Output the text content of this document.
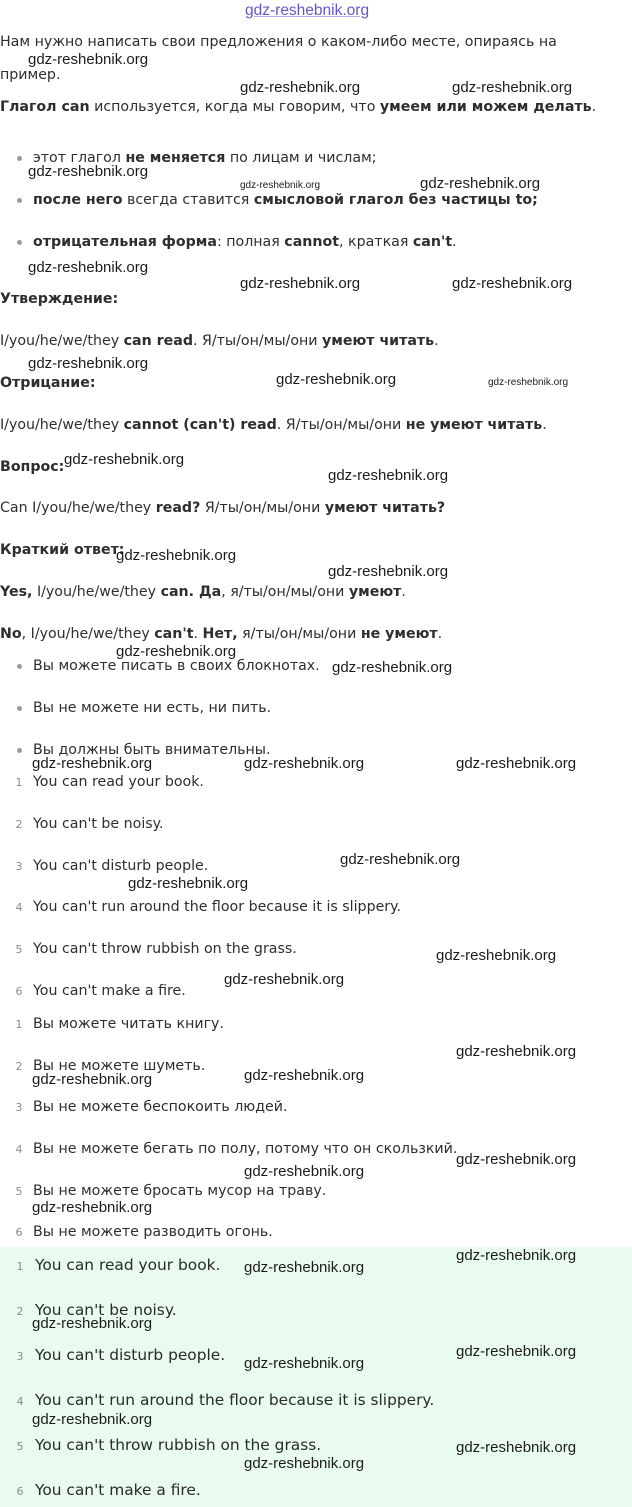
gdz-reshebnik.org
Нам нужно написать свои предложения о каком-либо месте, опираясь на
пример.
Глагол can используется, когда мы говорим, что умеем или можем делать.
этот глагол не меняется по лицам и числам;
после него всегда ставится смысловой глагол без частицы to;
отрицательная форма: полная cannot, краткая can't.
Утверждение:
I/you/he/we/they can read. Я/ты/он/мы/они умеют читать.
Отрицание:
I/you/he/we/they cannot (can't) read. Я/ты/он/мы/они не умеют читать.
Вопрос:
Can I/you/he/we/they read? Я/ты/он/мы/они умеют читать?
Краткий ответ:
Yes, I/you/he/we/they can. Да, я/ты/он/мы/они умеют.
No, I/you/he/we/they can't. Нет, я/ты/он/мы/они не умеют.
Вы можете писать в своих блокнотах.
Вы не можете ни есть, ни пить.
Вы должны быть внимательны.
1 You can read your book.
2 You can't be noisy.
3 You can't disturb people.
4 You can't run around the floor because it is slippery.
5 You can't throw rubbish on the grass.
6 You can't make a fire.
1 Вы можете читать книгу.
2 Вы не можете шуметь.
3 Вы не можете беспокоить людей.
4 Вы не можете бегать по полу, потому что он скользкий.
5 Вы не можете бросать мусор на траву.
6 Вы не можете разводить огонь.
1 You can read your book.
2 You can't be noisy.
3 You can't disturb people.
4 You can't run around the floor because it is slippery.
5 You can't throw rubbish on the grass.
6 You can't make a fire.
gdz-reshebnik.org
gdz-reshebnik.org	gdz-reshebnik.org
gdz-reshebnik.org
gdz-reshebnik.org	gdz-reshebnik.org
gdz-reshebnik.org
gdz-reshebnik.org	gdz-reshebnik.org
gdz-reshebnik.org
gdz-reshebnik.org	gdz-reshebnik.org
gdz-reshebnik.org
gdz-reshebnik.org
gdz-reshebnik.org
gdz-reshebnik.org
gdz-reshebnik.org
gdz-reshebnik.org
gdz-reshebnik.org	gdz-reshebnik.org	gdz-reshebnik.org
gdz-reshebnik.org
gdz-reshebnik.org
gdz-reshebnik.org
gdz-reshebnik.org
gdz-reshebnik.org
gdz-reshebnik.org	gdz-reshebnik.org
gdz-reshebnik.org
gdz-reshebnik.org
gdz-reshebnik.org
gdz-reshebnik.org
gdz-reshebnik.org
gdz-reshebnik.org
gdz-reshebnik.org
gdz-reshebnik.org
gdz-reshebnik.org
gdz-reshebnik.org
gdz-reshebnik.org
